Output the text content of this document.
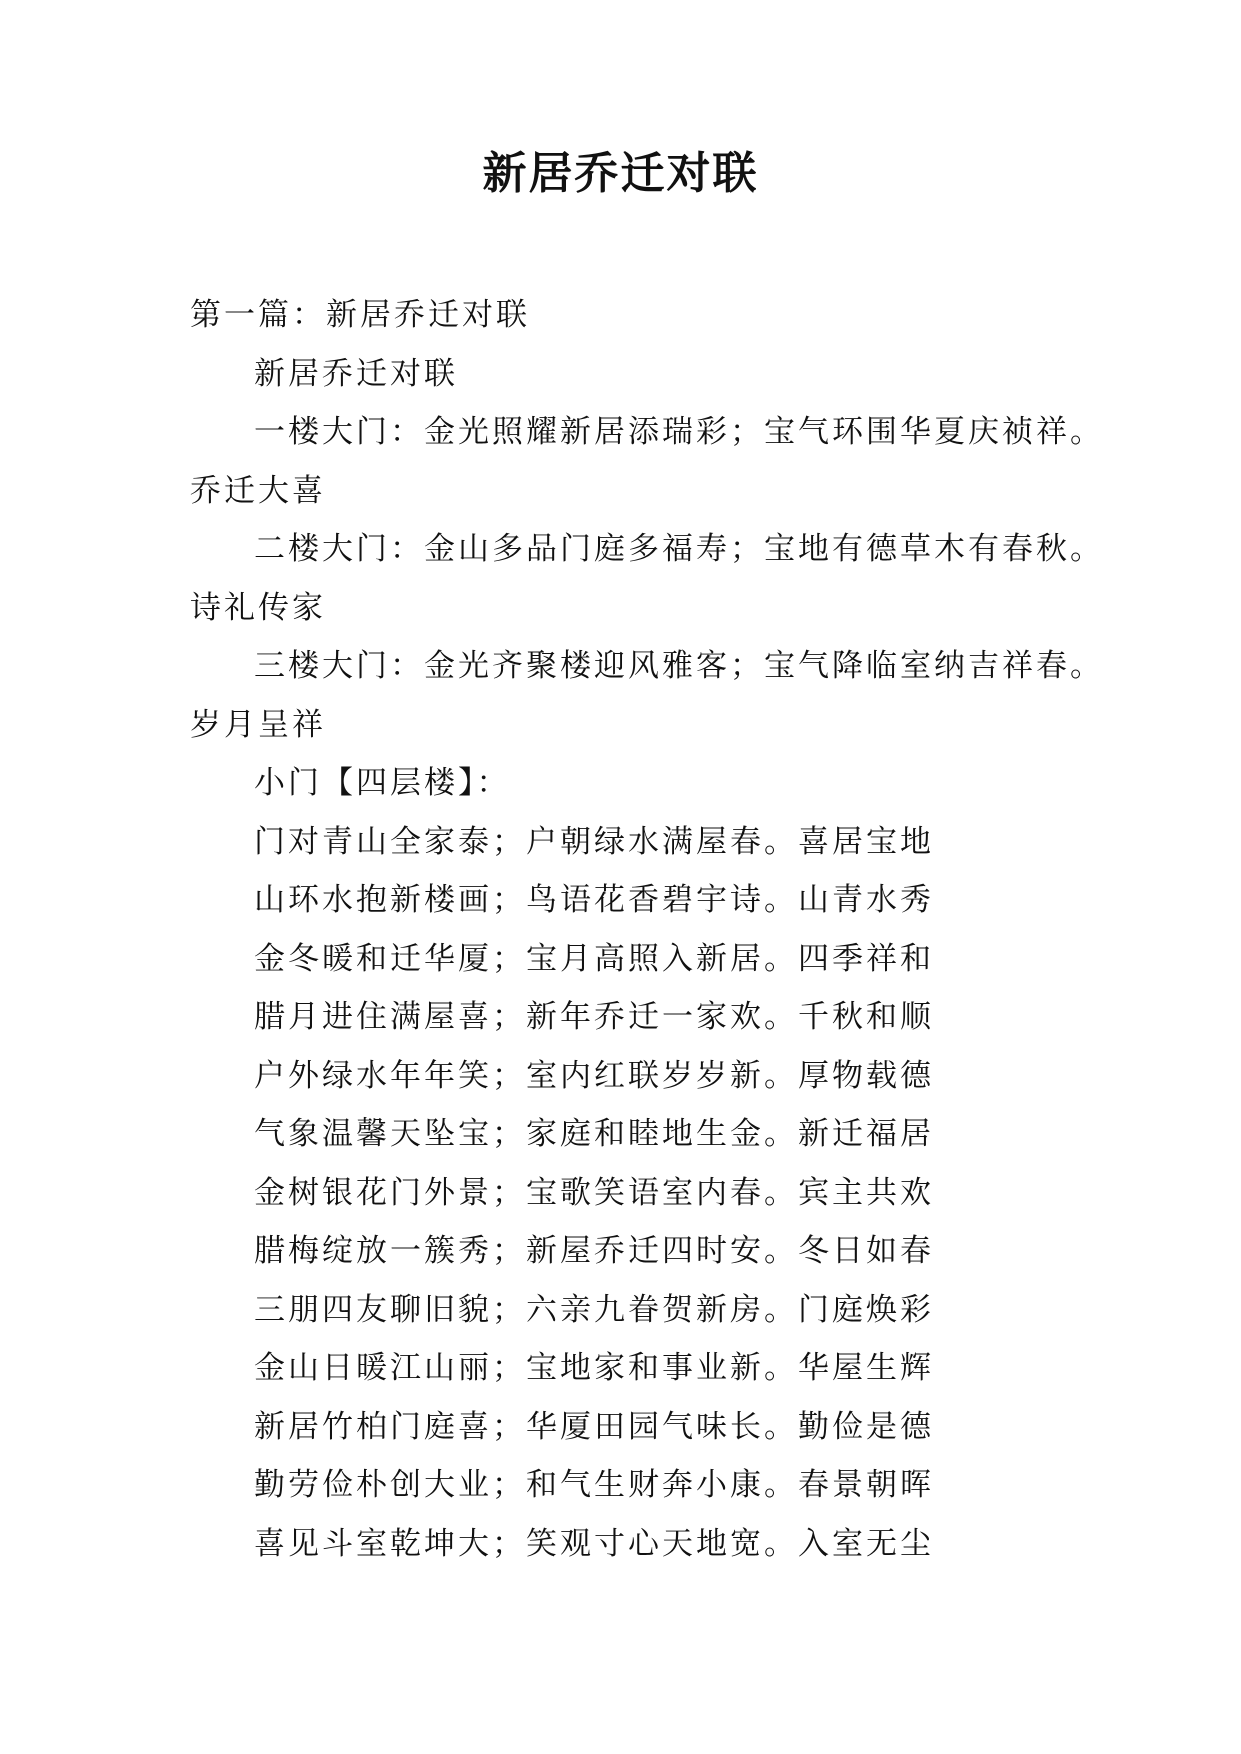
新居乔迁对联
第一篇：新居乔迁对联
新居乔迁对联
一楼大门：金光照耀新居添瑞彩；宝气环围华夏庆祯祥。
乔迁大喜
二楼大门：金山多品门庭多福寿；宝地有德草木有春秋。
诗礼传家
三楼大门：金光齐聚楼迎风雅客；宝气降临室纳吉祥春。
岁月呈祥
小门【四层楼】：
门对青山全家泰；户朝绿水满屋春。喜居宝地
山环水抱新楼画；鸟语花香碧宇诗。山青水秀
金冬暖和迁华厦；宝月高照入新居。四季祥和
腊月进住满屋喜；新年乔迁一家欢。千秋和顺
户外绿水年年笑；室内红联岁岁新。厚物载德
气象温馨天坠宝；家庭和睦地生金。新迁福居
金树银花门外景；宝歌笑语室内春。宾主共欢
腊梅绽放一簇秀；新屋乔迁四时安。冬日如春
三朋四友聊旧貌；六亲九眷贺新房。门庭焕彩
金山日暖江山丽；宝地家和事业新。华屋生辉
新居竹柏门庭喜；华厦田园气味长。勤俭是德
勤劳俭朴创大业；和气生财奔小康。春景朝晖
喜见斗室乾坤大；笑观寸心天地宽。入室无尘
